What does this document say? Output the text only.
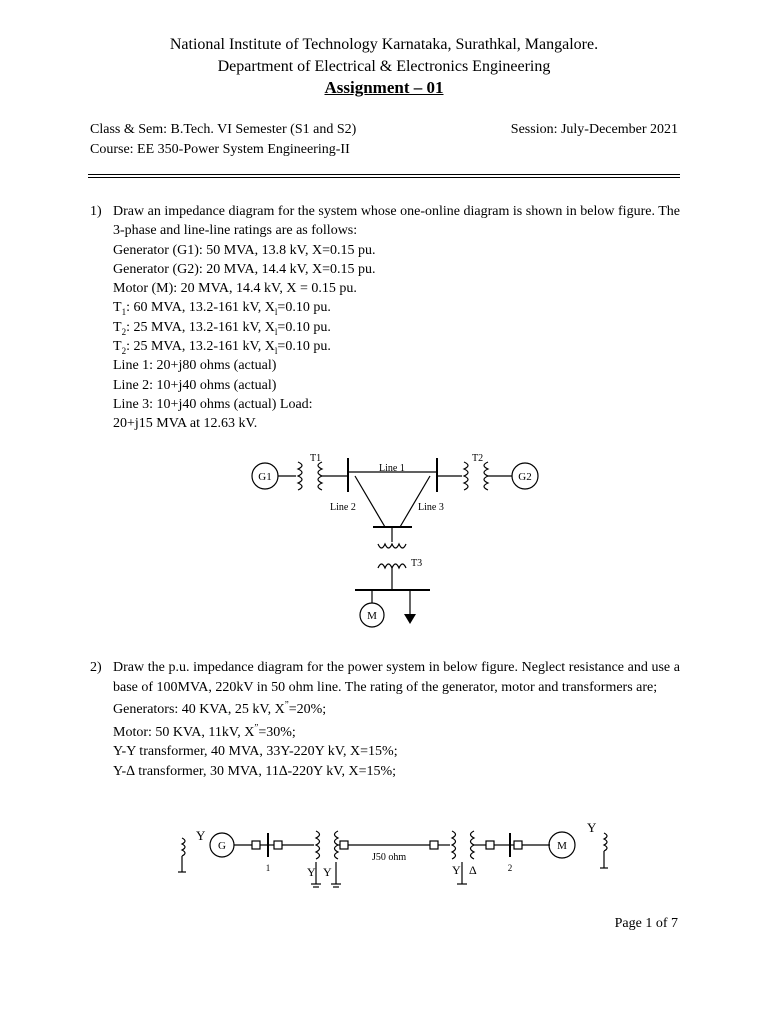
National Institute of Technology Karnataka, Surathkal, Mangalore.
Department of Electrical & Electronics Engineering
Assignment – 01
Class & Sem: B.Tech. VI Semester (S1 and S2)	Session: July-December 2021
Course: EE 350-Power System Engineering-II
1) Draw an impedance diagram for the system whose one-online diagram is shown in below figure. The 3-phase and line-line ratings are as follows:
Generator (G1): 50 MVA, 13.8 kV, X=0.15 pu.
Generator (G2): 20 MVA, 14.4 kV, X=0.15 pu.
Motor (M): 20 MVA, 14.4 kV, X = 0.15 pu.
$T_1$: 60 MVA, 13.2-161 kV, $X_l=0.10$ pu.
$T_2$: 25 MVA, 13.2-161 kV, $X_l=0.10$ pu.
$T_2$: 25 MVA, 13.2-161 kV, $X_l=0.10$ pu.
Line 1: 20+j80 ohms (actual)
Line 2: 10+j40 ohms (actual)
Line 3: 10+j40 ohms (actual) Load:
20+j15 MVA at 12.63 kV.
G1	G2
T1	T2
T3
Line 1
Line 2	Line 3
M
2) Draw the p.u. impedance diagram for the power system in below figure. Neglect resistance and use a base of 100MVA, 220kV in 50 ohm line. The rating of the generator, motor and transformers are;
Generators: 40 KVA, 25 kV, X”=20%;
Motor: 50 KVA, 11kV, X”=30%;
Y-Y transformer, 40 MVA, 33Y-220Y kV, X=15%;
Y-∆ transformer, 30 MVA, 11∆-220Y kV, X=15%;
Y
G
1	Y Y
J50 ohm
Y Δ	2
M
Y
Page 1 of 7
